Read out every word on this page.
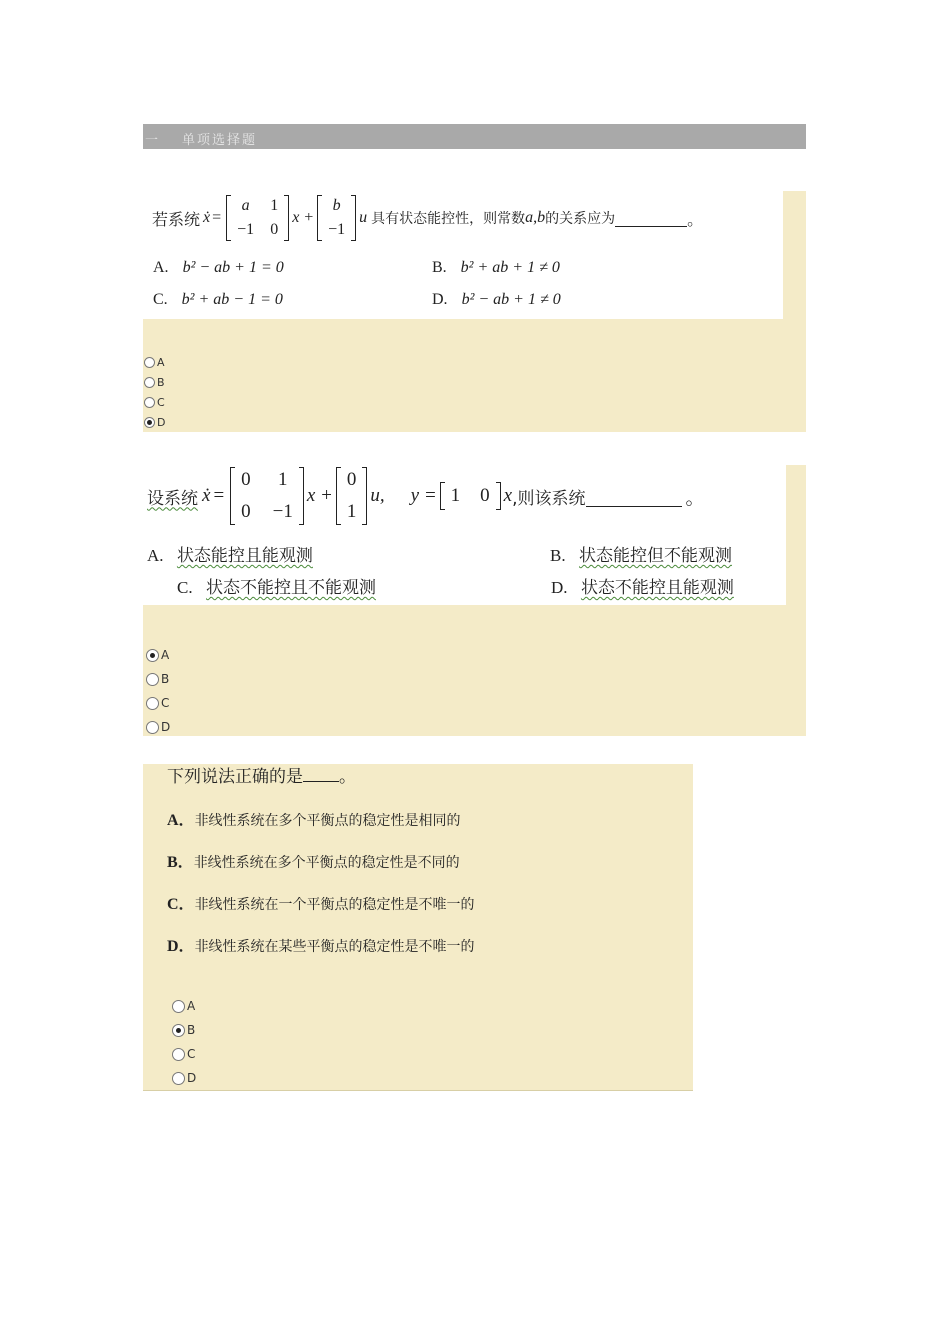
一 单项选择题
若系统 ẋ =
a 1
−1 0
x +
b
−1
u 具有状态能控性，则常数 a , b 的关系应为	。
A. b² − ab + 1 = 0	B. b² + ab + 1 ≠ 0
C. b² + ab − 1 = 0	D. b² − ab + 1 ≠ 0
A
B
C
D
设系统 ẋ =
0 1
0 −1
x +
0
1
u, y = 1 0 x ,则该系统	。
A. 状态能控且能观测	B. 状态能控但不能观测
C. 状态不能控且不能观测	D. 状态不能控且能观测
A
B
C
D
下列说法正确的是 。
A．非线性系统在多个平衡点的稳定性是相同的
B．非线性系统在多个平衡点的稳定性是不同的
C．非线性系统在一个平衡点的稳定性是不唯一的
D．非线性系统在某些平衡点的稳定性是不唯一的
A
B
C
D
